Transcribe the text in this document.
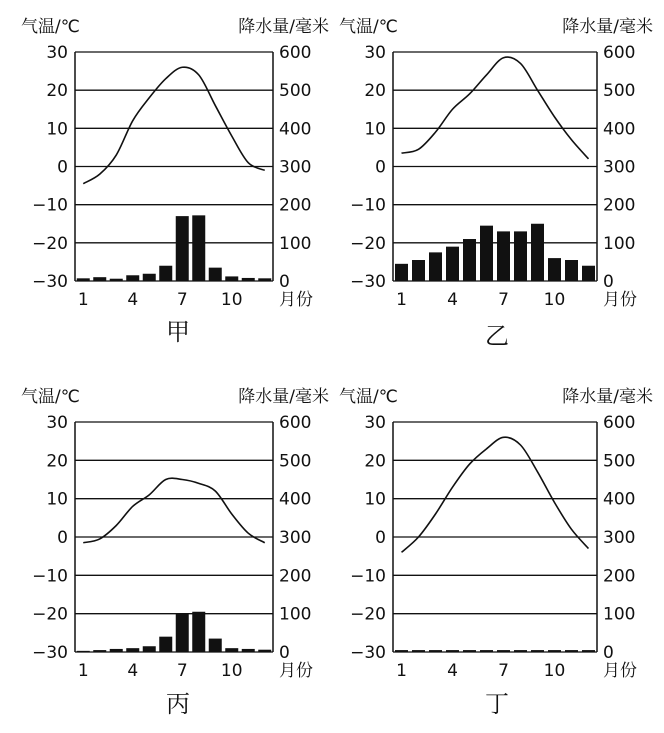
30
20
10
0
−10
−20
−30
600
500
400
300
200
100
0
气温/℃	降水量/毫米
1 4 7 10 月份
甲
30
20
10
0
−10
−20
−30
600
500
400
300
200
100
0
气温/℃	降水量/毫米
1 4 7 10 月份
乙
30
20
10
0
−10
−20
−30
600
500
400
300
200
100
0
气温/℃	降水量/毫米
1 4 7 10 月份
丙
30
20
10
0
−10
−20
−30
600
500
400
300
200
100
0
气温/℃	降水量/毫米
1 4 7 10 月份
丁
